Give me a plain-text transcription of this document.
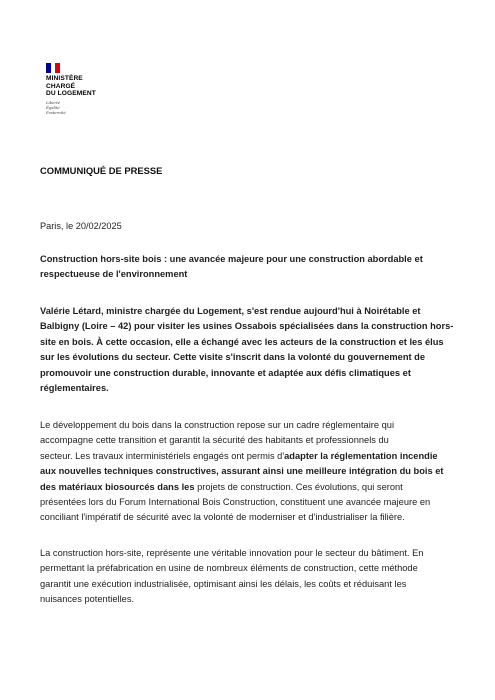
MINISTÈRE
CHARGÉ
DU LOGEMENT
Liberté
Égalité
Fraternité
COMMUNIQUÉ DE PRESSE
Paris, le 20/02/2025
Construction hors-site bois : une avancée majeure pour une construction abordable et
respectueuse de l'environnement
Valérie Létard, ministre chargée du Logement, s'est rendue aujourd'hui à Noirétable et
Balbigny (Loire – 42) pour visiter les usines Ossabois spécialisées dans la construction hors-
site en bois. À cette occasion, elle a échangé avec les acteurs de la construction et les élus
sur les évolutions du secteur. Cette visite s'inscrit dans la volonté du gouvernement de
promouvoir une construction durable, innovante et adaptée aux défis climatiques et
réglementaires.
Le développement du bois dans la construction repose sur un cadre réglementaire qui
accompagne cette transition et garantit la sécurité des habitants et professionnels du
secteur. Les travaux interministériels engagés ont permis d'adapter la réglementation incendie
aux nouvelles techniques constructives, assurant ainsi une meilleure intégration du bois et
des matériaux biosourcés dans les projets de construction. Ces évolutions, qui seront
présentées lors du Forum International Bois Construction, constituent une avancée majeure en
conciliant l'impératif de sécurité avec la volonté de moderniser et d'industrialiser la filière.
La construction hors-site, représente une véritable innovation pour le secteur du bâtiment. En
permettant la préfabrication en usine de nombreux éléments de construction, cette méthode
garantit une exécution industrialisée, optimisant ainsi les délais, les coûts et réduisant les
nuisances potentielles.
